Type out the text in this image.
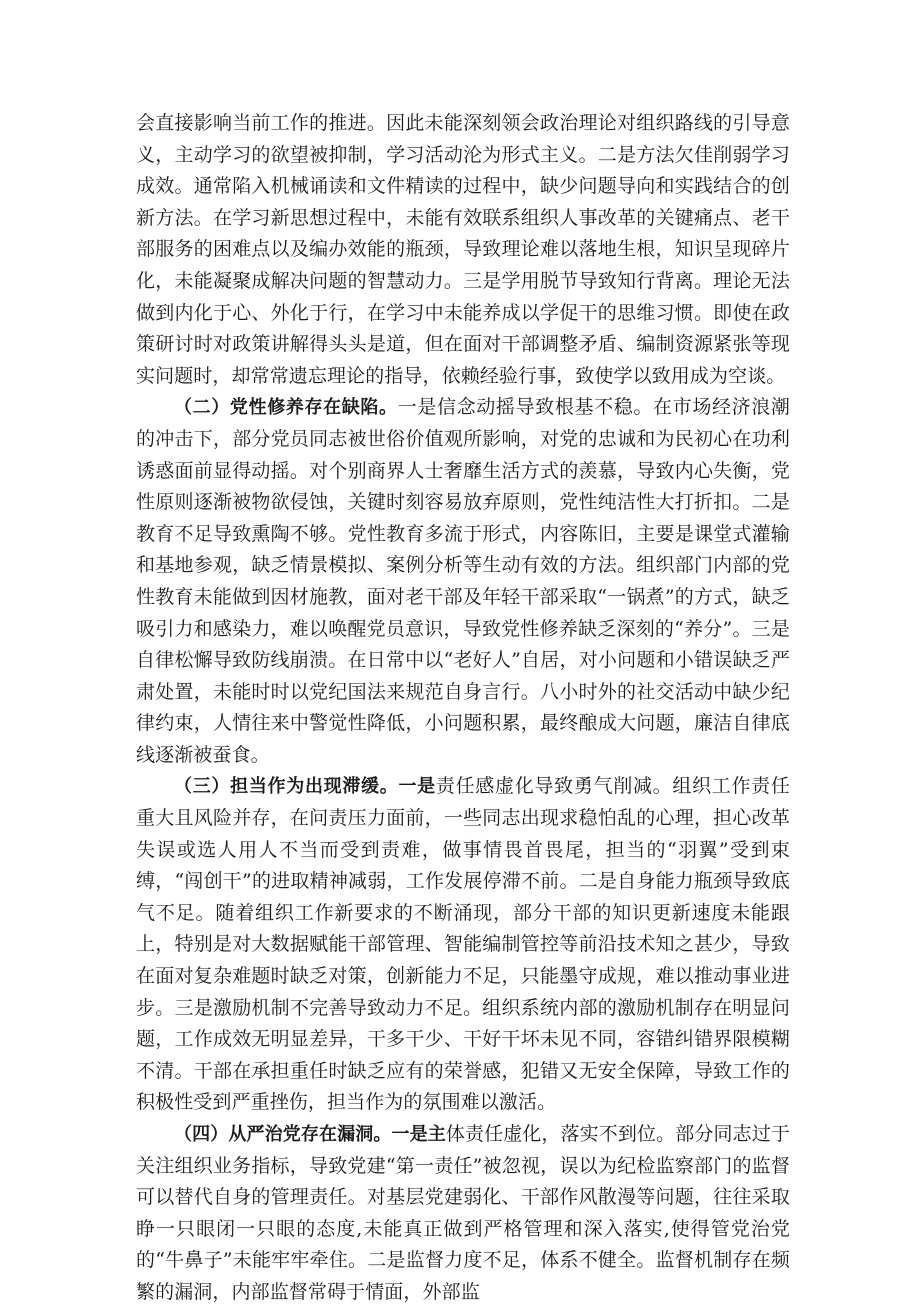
会直接影响当前工作的推进。因此未能深刻领会政治理论对组织路线的引导意义，主动学习的欲望被抑制，学习活动沦为形式主义。二是方法欠佳削弱学习成效。通常陷入机械诵读和文件精读的过程中，缺少问题导向和实践结合的创新方法。在学习新思想过程中，未能有效联系组织人事改革的关键痛点、老干部服务的困难点以及编办效能的瓶颈，导致理论难以落地生根，知识呈现碎片化，未能凝聚成解决问题的智慧动力。三是学用脱节导致知行背离。理论无法做到内化于心、外化于行，在学习中未能养成以学促干的思维习惯。即使在政策研讨时对政策讲解得头头是道，但在面对干部调整矛盾、编制资源紧张等现实问题时，却常常遗忘理论的指导，依赖经验行事，致使学以致用成为空谈。

（二）党性修养存在缺陷。一是信念动摇导致根基不稳。在市场经济浪潮的冲击下，部分党员同志被世俗价值观所影响，对党的忠诚和为民初心在功利诱惑面前显得动摇。对个别商界人士奢靡生活方式的羡慕，导致内心失衡，党性原则逐渐被物欲侵蚀，关键时刻容易放弃原则，党性纯洁性大打折扣。二是教育不足导致熏陶不够。党性教育多流于形式，内容陈旧，主要是课堂式灌输和基地参观，缺乏情景模拟、案例分析等生动有效的方法。组织部门内部的党性教育未能做到因材施教，面对老干部及年轻干部采取“一锅煮”的方式，缺乏吸引力和感染力，难以唤醒党员意识，导致党性修养缺乏深刻的“养分”。三是自律松懈导致防线崩溃。在日常中以“老好人”自居，对小问题和小错误缺乏严肃处置，未能时时以党纪国法来规范自身言行。八小时外的社交活动中缺少纪律约束，人情往来中警觉性降低，小问题积累，最终酿成大问题，廉洁自律底线逐渐被蚕食。

（三）担当作为出现滞缓。一是责任感虚化导致勇气削减。组织工作责任重大且风险并存，在问责压力面前，一些同志出现求稳怕乱的心理，担心改革失误或选人用人不当而受到责难，做事情畏首畏尾，担当的“羽翼”受到束缚，“闯创干”的进取精神减弱，工作发展停滞不前。二是自身能力瓶颈导致底气不足。随着组织工作新要求的不断涌现，部分干部的知识更新速度未能跟上，特别是对大数据赋能干部管理、智能编制管控等前沿技术知之甚少，导致在面对复杂难题时缺乏对策，创新能力不足，只能墨守成规，难以推动事业进步。三是激励机制不完善导致动力不足。组织系统内部的激励机制存在明显问题，工作成效无明显差异，干多干少、干好干坏未见不同，容错纠错界限模糊不清。干部在承担重任时缺乏应有的荣誉感，犯错又无安全保障，导致工作的积极性受到严重挫伤，担当作为的氛围难以激活。

（四）从严治党存在漏洞。一是主体责任虚化，落实不到位。部分同志过于关注组织业务指标，导致党建“第一责任”被忽视，误以为纪检监察部门的监督可以替代自身的管理责任。对基层党建弱化、干部作风散漫等问题，往往采取睁一只眼闭一只眼的态度,未能真正做到严格管理和深入落实,使得管党治党的“牛鼻子”未能牢牢牵住。二是监督力度不足，体系不健全。监督机制存在频繁的漏洞，内部监督常碍于情面，外部监
